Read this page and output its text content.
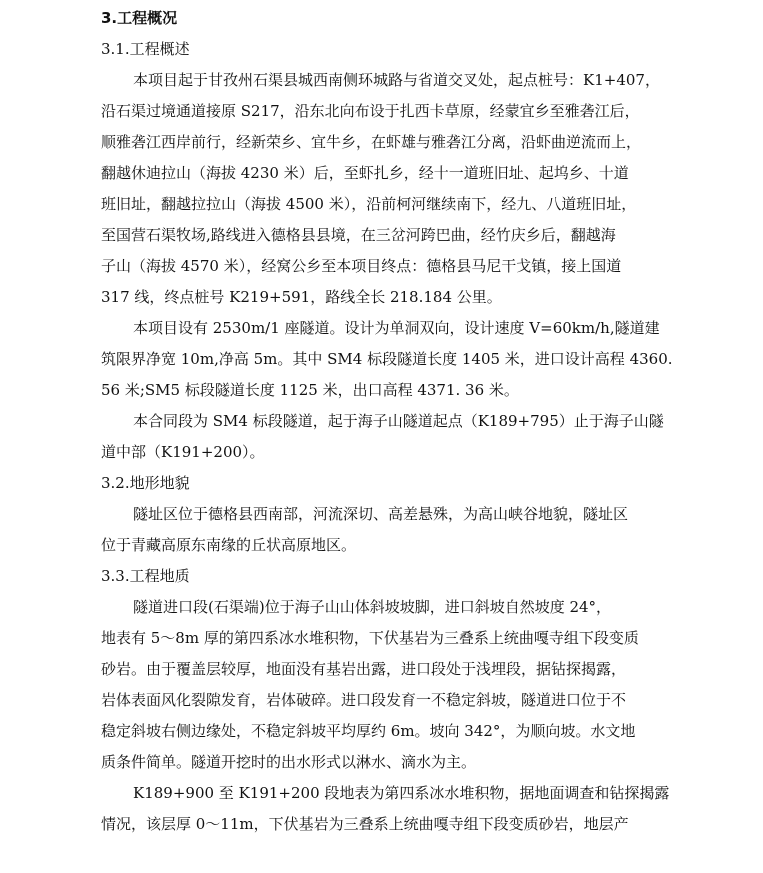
3.工程概况
3.1.工程概述
本项目起于甘孜州石渠县城西南侧环城路与省道交叉处，起点桩号：K1+407，
沿石渠过境通道接原 S217，沿东北向布设于扎西卡草原，经蒙宜乡至雅砻江后，
顺雅砻江西岸前行，经新荣乡、宜牛乡，在虾雄与雅砻江分离，沿虾曲逆流而上，
翻越休迪拉山（海拔 4230 米）后，至虾扎乡，经十一道班旧址、起坞乡、十道
班旧址，翻越拉拉山（海拔 4500 米），沿前柯河继续南下，经九、八道班旧址，
至国营石渠牧场,路线进入德格县县境，在三岔河跨巴曲，经竹庆乡后，翻越海
子山（海拔 4570 米），经窝公乡至本项目终点：德格县马尼干戈镇，接上国道
317 线，终点桩号 K219+591，路线全长 218.184 公里。
本项目设有 2530m/1 座隧道。设计为单洞双向，设计速度 V=60km/h,隧道建
筑限界净宽 10m,净高 5m。其中 SM4 标段隧道长度 1405 米，进口设计高程 4360.
56 米;SM5 标段隧道长度 1125 米，出口高程 4371. 36 米。
本合同段为 SM4 标段隧道，起于海子山隧道起点（K189+795）止于海子山隧
道中部（K191+200）。
3.2.地形地貌
隧址区位于德格县西南部，河流深切、高差悬殊，为高山峡谷地貌，隧址区
位于青藏高原东南缘的丘状高原地区。
3.3.工程地质
隧道进口段(石渠端)位于海子山山体斜坡坡脚，进口斜坡自然坡度 24°，
地表有 5～8m 厚的第四系冰水堆积物，下伏基岩为三叠系上统曲嘎寺组下段变质
砂岩。由于覆盖层较厚，地面没有基岩出露，进口段处于浅埋段，据钻探揭露，
岩体表面风化裂隙发育，岩体破碎。进口段发育一不稳定斜坡，隧道进口位于不
稳定斜坡右侧边缘处，不稳定斜坡平均厚约 6m。坡向 342°，为顺向坡。水文地
质条件简单。隧道开挖时的出水形式以淋水、滴水为主。
K189+900 至 K191+200 段地表为第四系冰水堆积物，据地面调查和钻探揭露
情况，该层厚 0～11m，下伏基岩为三叠系上统曲嘎寺组下段变质砂岩，地层产
